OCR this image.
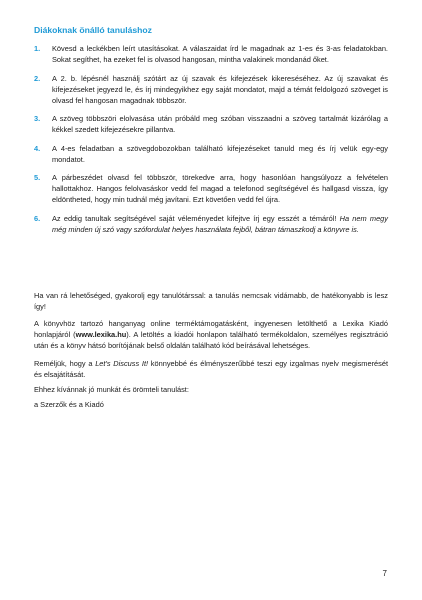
Diákoknak önálló tanuláshoz
1.	Kövesd a leckékben leírt utasításokat. A válaszaidat írd le magadnak az 1-es és 3-as feladatokban. Sokat segíthet, ha ezeket fel is olvasod hangosan, mintha valakinek mondanád őket.
2.	A 2. b. lépésnél használj szótárt az új szavak és kifejezések kikereséséhez. Az új szavakat és kifejezéseket jegyezd le, és írj mindegyikhez egy saját mondatot, majd a témát feldolgozó szöveget is olvasd fel hangosan magadnak többször.
3.	A szöveg többszöri elolvasása után próbáld meg szóban visszaadni a szöveg tartalmát kizárólag a kékkel szedett kifejezésekre pillantva.
4.	A 4-es feladatban a szövegdobozokban található kifejezéseket tanuld meg és írj velük egy-egy mondatot.
5.	A párbeszédet olvasd fel többször, törekedve arra, hogy hasonlóan hangsúlyozz a felvételen hallottakhoz. Hangos felolvasáskor vedd fel magad a telefonod segítségével és hallgasd vissza, így eldöntheted, hogy min tudnál még javítani. Ezt követően vedd fel újra.
6.	Az eddig tanultak segítségével saját véleményedet kifejtve írj egy esszét a témáról! Ha nem megy még minden új szó vagy szófordulat helyes használata fejből, bátran támaszkodj a könyvre is.
Ha van rá lehetőséged, gyakorolj egy tanulótárssal: a tanulás nemcsak vidámabb, de hatékonyabb is lesz így!
A könyvhöz tartozó hanganyag online terméktámogatásként, ingyenesen letölthető a Lexika Kiadó honlapjáról (www.lexika.hu). A letöltés a kiadói honlapon található termékoldalon, személyes regisztráció után és a könyv hátsó borítójának belső oldalán található kód beírásával lehetséges.
Reméljük, hogy a Let's Discuss It! könnyebbé és élményszerűbbé teszi egy izgalmas nyelv megismerését és elsajátítását.
Ehhez kívánnak jó munkát és örömteli tanulást:
a Szerzők és a Kiadó
7
